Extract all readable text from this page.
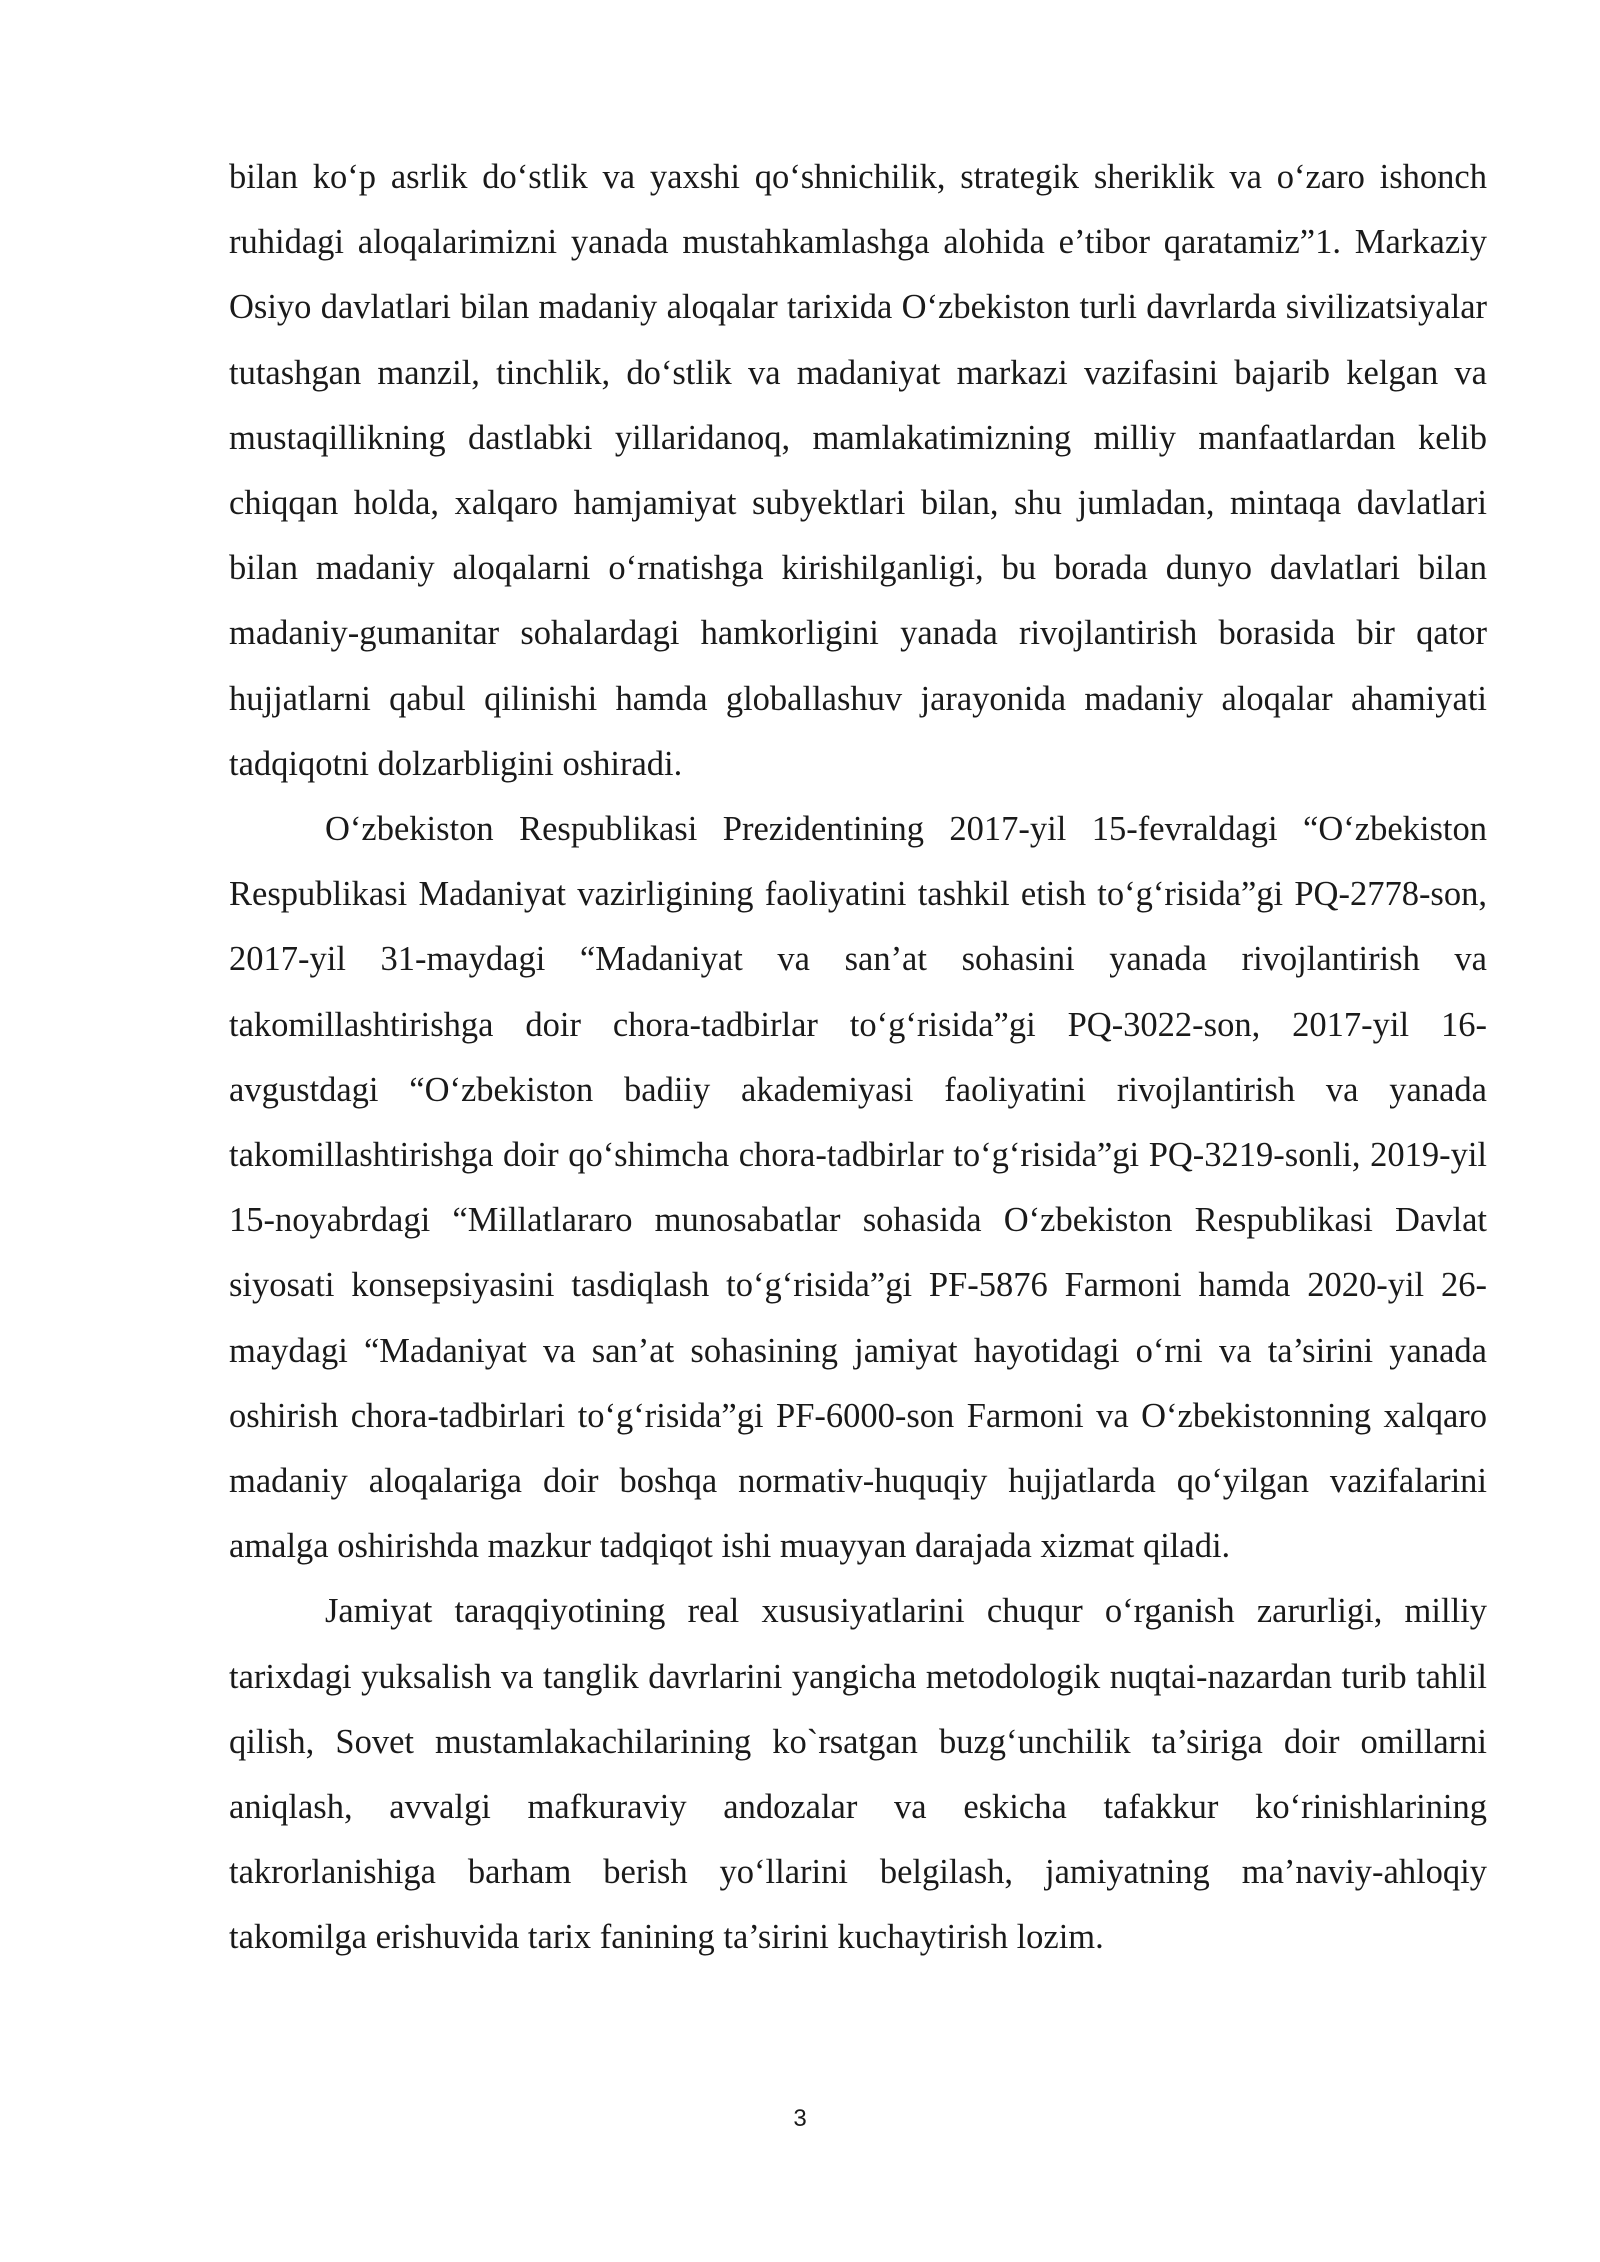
bilan ko‘p asrlik do‘stlik va yaxshi qo‘shnichilik, strategik sheriklik va o‘zaro ishonch ruhidagi aloqalarimizni yanada mustahkamlashga alohida e’tibor qaratamiz”1. Markaziy Osiyo davlatlari bilan madaniy aloqalar tarixida O‘zbekiston turli davrlarda sivilizatsiyalar tutashgan manzil, tinchlik, do‘stlik va madaniyat markazi vazifasini bajarib kelgan va mustaqillikning dastlabki yillaridanoq, mamlakatimizning milliy manfaatlardan kelib chiqqan holda, xalqaro hamjamiyat subyektlari bilan, shu jumladan, mintaqa davlatlari bilan madaniy aloqalarni o‘rnatishga kirishilganligi, bu borada dunyo davlatlari bilan madaniy-gumanitar sohalardagi hamkorligini yanada rivojlantirish borasida bir qator hujjatlarni qabul qilinishi hamda globallashuv jarayonida madaniy aloqalar ahamiyati tadqiqotni dolzarbligini oshiradi.

O‘zbekiston Respublikasi Prezidentining 2017-yil 15-fevraldagi “O‘zbekiston Respublikasi Madaniyat vazirligining faoliyatini tashkil etish to‘g‘risida”gi PQ-2778-son, 2017-yil 31-maydagi “Madaniyat va san’at sohasini yanada rivojlantirish va takomillashtirishga doir chora-tadbirlar to‘g‘risida”gi PQ-3022-son, 2017-yil 16-avgustdagi “O‘zbekiston badiiy akademiyasi faoliyatini rivojlantirish va yanada takomillashtirishga doir qo‘shimcha chora-tadbirlar to‘g‘risida”gi PQ-3219-sonli, 2019-yil 15-noyabrdagi “Millatlararo munosabatlar sohasida O‘zbekiston Respublikasi Davlat siyosati konsepsiyasini tasdiqlash to‘g‘risida”gi PF-5876 Farmoni hamda 2020-yil 26-maydagi “Madaniyat va san’at sohasining jamiyat hayotidagi o‘rni va ta’sirini yanada oshirish chora-tadbirlari to‘g‘risida”gi PF-6000-son Farmoni va O‘zbekistonning xalqaro madaniy aloqalariga doir boshqa normativ-huquqiy hujjatlarda qo‘yilgan vazifalarini amalga oshirishda mazkur tadqiqot ishi muayyan darajada xizmat qiladi.

Jamiyat taraqqiyotining real xususiyatlarini chuqur o‘rganish zarurligi, milliy tarixdagi yuksalish va tanglik davrlarini yangicha metodologik nuqtai-nazardan turib tahlil qilish, Sovet mustamlakachilarining ko`rsatgan buzg‘unchilik ta’siriga doir omillarni aniqlash, avvalgi mafkuraviy andozalar va eskicha tafakkur ko‘rinishlarining takrorlanishiga barham berish yo‘llarini belgilash, jamiyatning ma’naviy-ahloqiy takomilga erishuvida tarix fanining ta’sirini kuchaytirish lozim.

3
